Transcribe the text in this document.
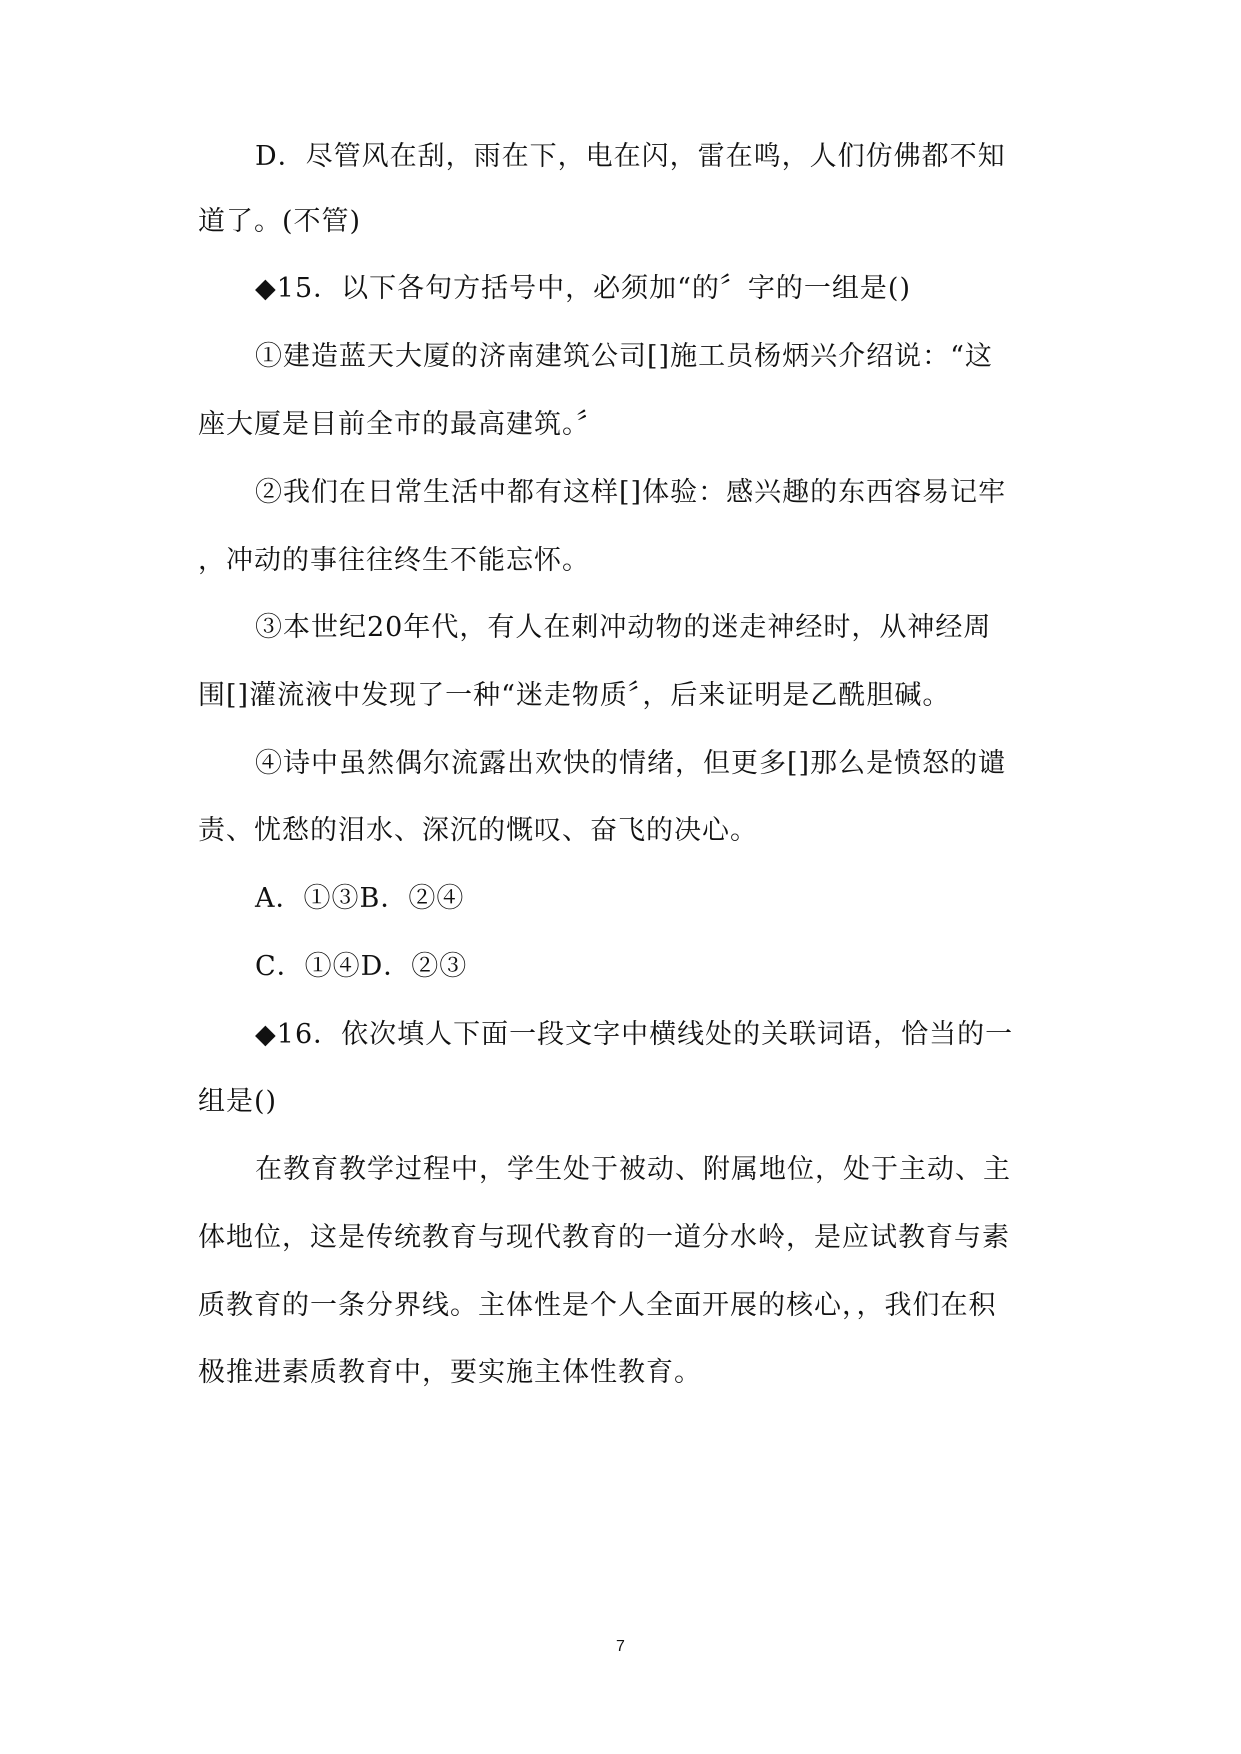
D．尽管风在刮，雨在下，电在闪，雷在鸣，人们仿佛都不知
道了。(不管)
◆15．以下各句方括号中，必须加“的〞字的一组是()
①建造蓝天大厦的济南建筑公司[]施工员杨炳兴介绍说：“这
座大厦是目前全市的最高建筑。〞
②我们在日常生活中都有这样[]体验：感兴趣的东西容易记牢
，冲动的事往往终生不能忘怀。
③本世纪20年代，有人在刺冲动物的迷走神经时，从神经周
围[]灌流液中发现了一种“迷走物质〞，后来证明是乙酰胆碱。
④诗中虽然偶尔流露出欢快的情绪，但更多[]那么是愤怒的谴
责、忧愁的泪水、深沉的慨叹、奋飞的决心。
A．①③B．②④
C．①④D．②③
◆16．依次填人下面一段文字中横线处的关联词语，恰当的一
组是()
在教育教学过程中，学生处于被动、附属地位，处于主动、主
体地位，这是传统教育与现代教育的一道分水岭，是应试教育与素
质教育的一条分界线。主体性是个人全面开展的核心，，我们在积
极推进素质教育中，要实施主体性教育。
7
